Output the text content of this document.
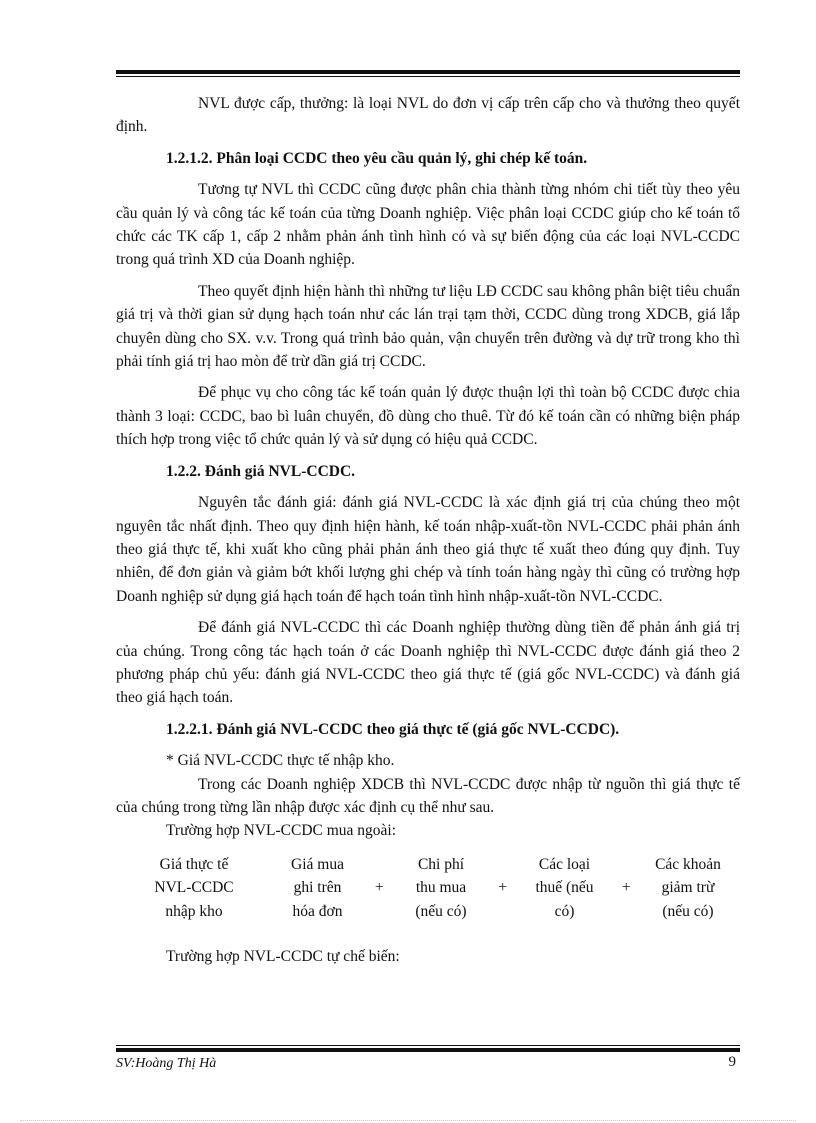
NVL được cấp, thưởng: là loại NVL do đơn vị cấp trên cấp cho và thưởng theo quyết định.

1.2.1.2. Phân loại CCDC theo yêu cầu quản lý, ghi chép kế toán.

Tương tự NVL thì CCDC cũng được phân chia thành từng nhóm chi tiết tùy theo yêu cầu quản lý và công tác kế toán của từng Doanh nghiệp. Việc phân loại CCDC giúp cho kế toán tổ chức các TK cấp 1, cấp 2 nhằm phản ánh tình hình có và sự biến động của các loại NVL-CCDC trong quá trình XD của Doanh nghiệp.

Theo quyết định hiện hành thì những tư liệu LĐ CCDC sau không phân biệt tiêu chuẩn giá trị và thời gian sử dụng hạch toán như các lán trại tạm thời, CCDC dùng trong XDCB, giá lắp chuyên dùng cho SX. v.v. Trong quá trình bảo quản, vận chuyển trên đường và dự trữ trong kho thì phải tính giá trị hao mòn để trừ dần giá trị CCDC.

Để phục vụ cho công tác kế toán quản lý được thuận lợi thì toàn bộ CCDC được chia thành 3 loại: CCDC, bao bì luân chuyển, đồ dùng cho thuê. Từ đó kế toán cần có những biện pháp thích hợp trong việc tổ chức quản lý và sử dụng có hiệu quả CCDC.

1.2.2. Đánh giá NVL-CCDC.

Nguyên tắc đánh giá: đánh giá NVL-CCDC là xác định giá trị của chúng theo một nguyên tắc nhất định. Theo quy định hiện hành, kế toán nhập-xuất-tồn NVL-CCDC phải phản ánh theo giá thực tế, khi xuất kho cũng phải phản ánh theo giá thực tế xuất theo đúng quy định. Tuy nhiên, để đơn giản và giảm bớt khối lượng ghi chép và tính toán hàng ngày thì cũng có trường hợp Doanh nghiệp sử dụng giá hạch toán để hạch toán tình hình nhập-xuất-tồn NVL-CCDC.

Để đánh giá NVL-CCDC thì các Doanh nghiệp thường dùng tiền để phản ánh giá trị của chúng. Trong công tác hạch toán ở các Doanh nghiệp thì NVL-CCDC được đánh giá theo 2 phương pháp chủ yếu: đánh giá NVL-CCDC theo giá thực tế (giá gốc NVL-CCDC) và đánh giá theo giá hạch toán.

1.2.2.1. Đánh giá NVL-CCDC theo giá thực tế (giá gốc NVL-CCDC).

* Giá NVL-CCDC thực tế nhập kho.

Trong các Doanh nghiệp XDCB thì NVL-CCDC được nhập từ nguồn thì giá thực tế của chúng trong từng lần nhập được xác định cụ thể như sau.

Trường hợp NVL-CCDC mua ngoài:

Giá thực tế
NVL-CCDC
nhập kho
Giá mua
ghi trên
hóa đơn
+
Chi phí
thu mua
(nếu có)
+
Các loại
thuế (nếu
có)
+
Các khoản
giảm trừ
(nếu có)

Trường hợp NVL-CCDC tự chế biến:

SV:Hoàng Thị Hà	9
